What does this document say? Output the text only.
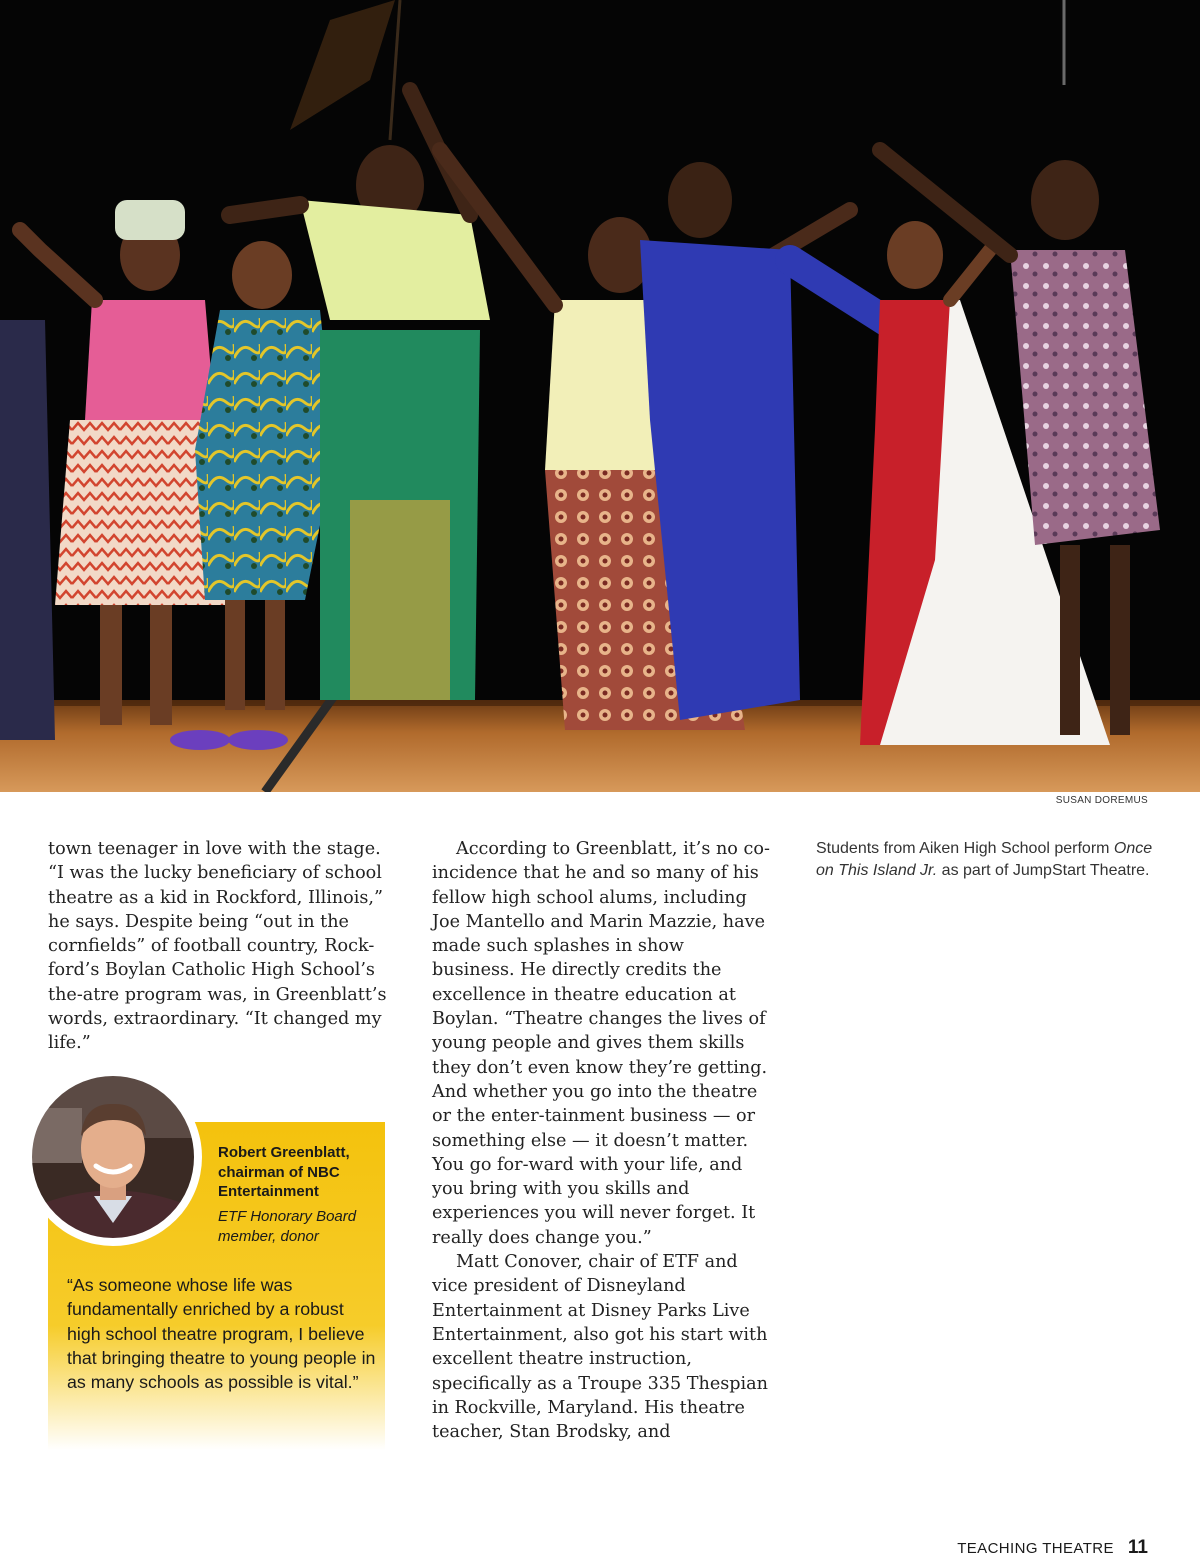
SUSAN DOREMUS

town teenager in love with the stage. “I was the lucky beneficiary of school theatre as a kid in Rockford, Illinois,” he says. Despite being “out in the cornfields” of football country, Rock-ford’s Boylan Catholic High School’s the-atre program was, in Greenblatt’s words, extraordinary. “It changed my life.”

According to Greenblatt, it’s no co-incidence that he and so many of his fellow high school alums, including Joe Mantello and Marin Mazzie, have made such splashes in show business. He directly credits the excellence in theatre education at Boylan. “Theatre changes the lives of young people and gives them skills they don’t even know they’re getting. And whether you go into the theatre or the enter-tainment business — or something else — it doesn’t matter. You go for-ward with your life, and you bring with you skills and experiences you will never forget. It really does change you.”

Matt Conover, chair of ETF and vice president of Disneyland Entertainment at Disney Parks Live Entertainment, also got his start with excellent theatre instruction, specifically as a Troupe 335 Thespian in Rockville, Maryland. His theatre teacher, Stan Brodsky, and

Students from Aiken High School perform Once on This Island Jr. as part of JumpStart Theatre.
Robert Greenblatt, chairman of NBC Entertainment
ETF Honorary Board member, donor
“As someone whose life was fundamentally enriched by a robust high school theatre program, I believe that bringing theatre to young people in as many schools as possible is vital.”
TEACHING THEATRE 11
